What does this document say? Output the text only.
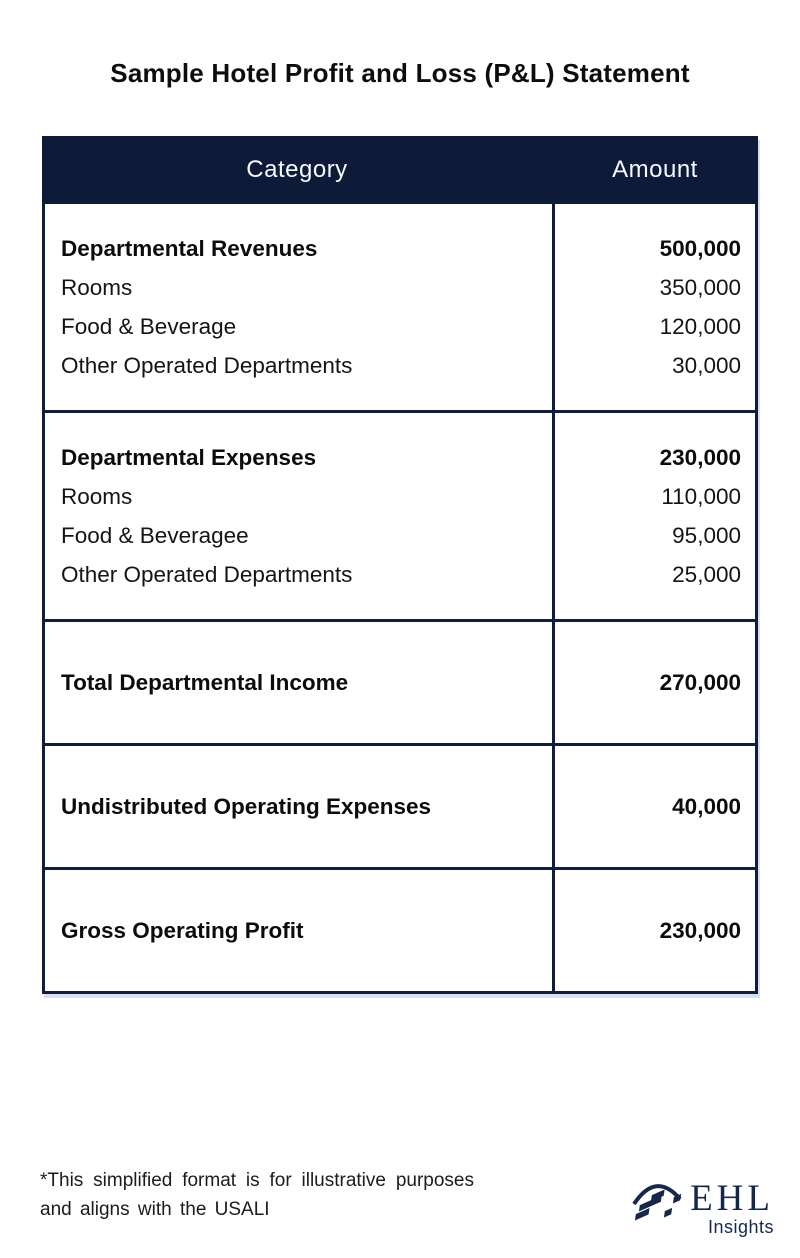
Sample Hotel Profit and Loss (P&L) Statement
Category	Amount
Departmental Revenues	500,000
Rooms	350,000
Food & Beverage	120,000
Other Operated Departments	30,000
Departmental Expenses	230,000
Rooms	110,000
Food & Beveragee	95,000
Other Operated Departments	25,000
Total Departmental Income	270,000
Undistributed Operating Expenses	40,000
Gross Operating Profit	230,000
*This simplified format is for illustrative purposes
and aligns with the USALI	EHL
Insights
